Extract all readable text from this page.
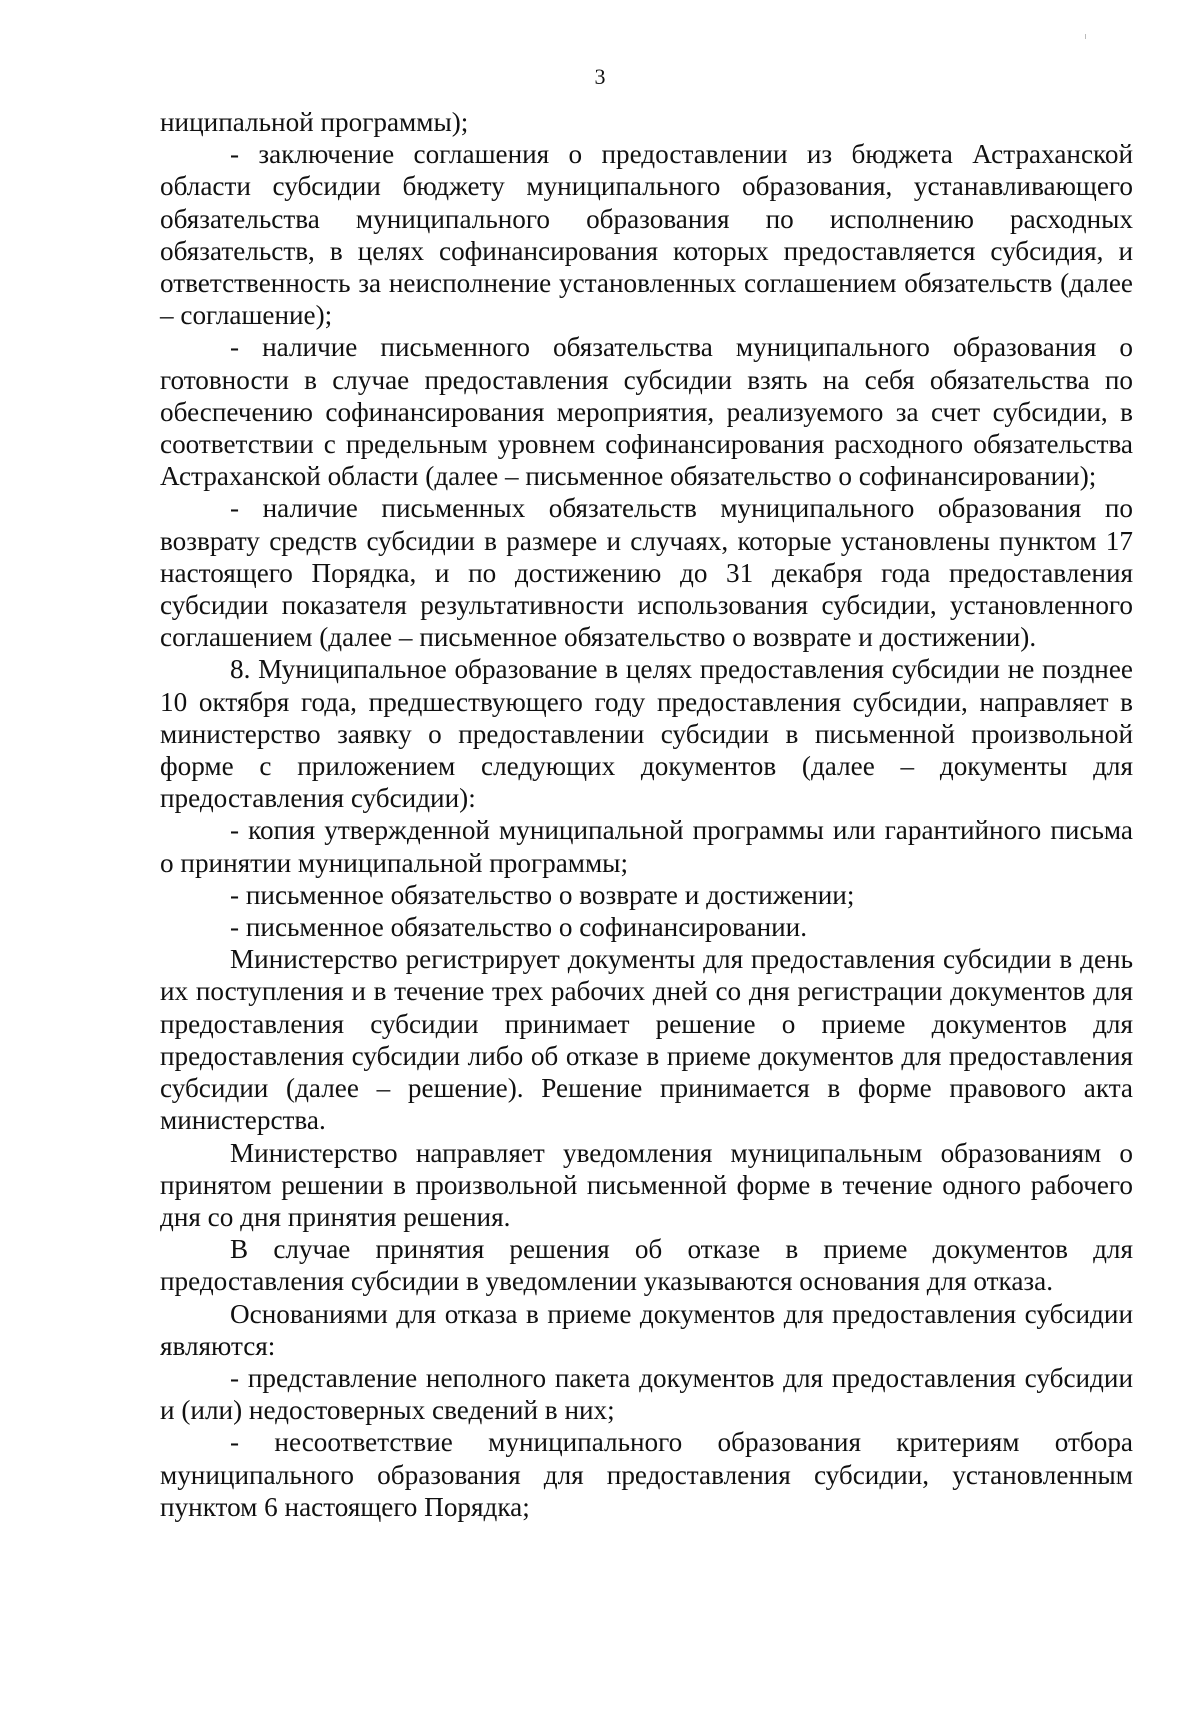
3

ниципальной программы);

- заключение соглашения о предоставлении из бюджета Астраханской области субсидии бюджету муниципального образования, устанавливающего обязательства муниципального образования по исполнению расходных обязательств, в целях софинансирования которых предоставляется субсидия, и ответственность за неисполнение установленных соглашением обязательств (далее – соглашение);

- наличие письменного обязательства муниципального образования о готовности в случае предоставления субсидии взять на себя обязательства по обеспечению софинансирования мероприятия, реализуемого за счет субсидии, в соответствии с предельным уровнем софинансирования расходного обязательства Астраханской области (далее – письменное обязательство о софинансировании);

- наличие письменных обязательств муниципального образования по возврату средств субсидии в размере и случаях, которые установлены пунктом 17 настоящего Порядка, и по достижению до 31 декабря года предоставления субсидии показателя результативности использования субсидии, установленного соглашением (далее – письменное обязательство о возврате и достижении).

8. Муниципальное образование в целях предоставления субсидии не позднее 10 октября года, предшествующего году предоставления субсидии, направляет в министерство заявку о предоставлении субсидии в письменной произвольной форме с приложением следующих документов (далее – документы для предоставления субсидии):

- копия утвержденной муниципальной программы или гарантийного письма о принятии муниципальной программы;

- письменное обязательство о возврате и достижении;

- письменное обязательство о софинансировании.

Министерство регистрирует документы для предоставления субсидии в день их поступления и в течение трех рабочих дней со дня регистрации документов для предоставления субсидии принимает решение о приеме документов для предоставления субсидии либо об отказе в приеме документов для предоставления субсидии (далее – решение). Решение принимается в форме правового акта министерства.

Министерство направляет уведомления муниципальным образованиям о принятом решении в произвольной письменной форме в течение одного рабочего дня со дня принятия решения.

В случае принятия решения об отказе в приеме документов для предоставления субсидии в уведомлении указываются основания для отказа.

Основаниями для отказа в приеме документов для предоставления субсидии являются:

- представление неполного пакета документов для предоставления субсидии и (или) недостоверных сведений в них;

- несоответствие муниципального образования критериям отбора муниципального образования для предоставления субсидии, установленным пунктом 6 настоящего Порядка;
